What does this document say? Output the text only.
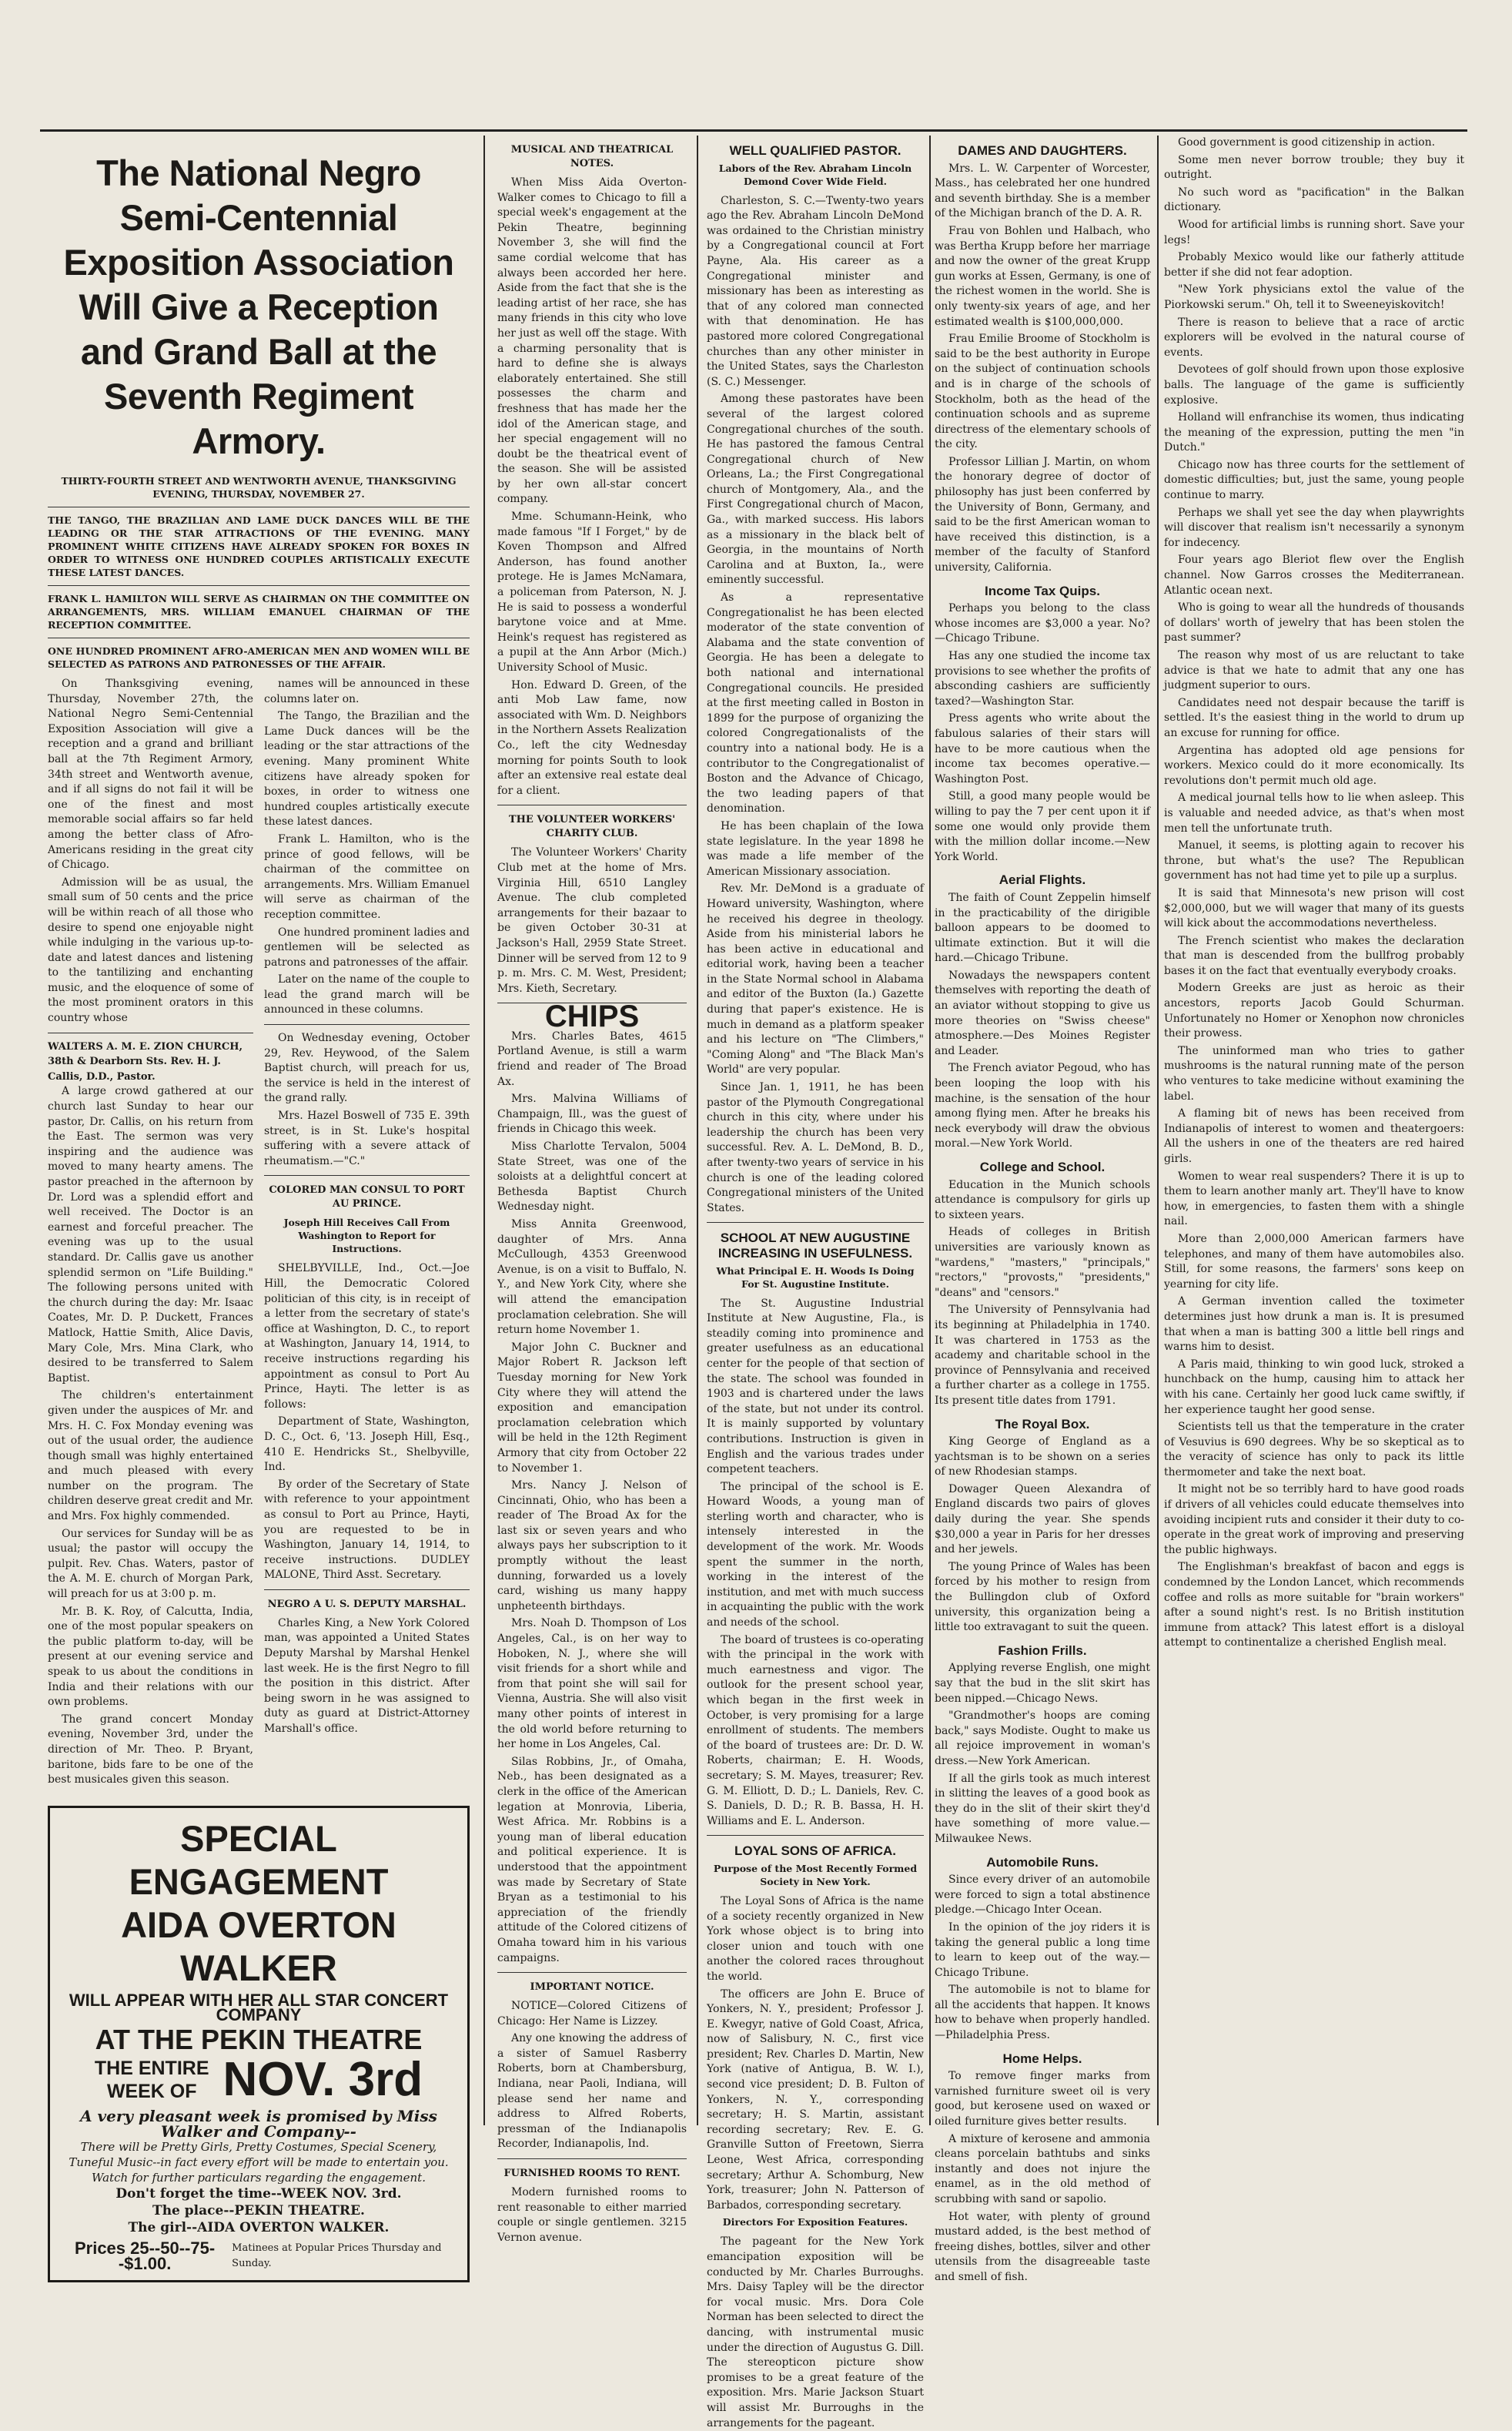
The National Negro Semi-Centennial Exposition Association Will Give a Reception and Grand Ball at the Seventh Regiment Armory.
THIRTY-FOURTH STREET AND WENTWORTH AVENUE, THANKSGIVING EVENING, THURSDAY, NOVEMBER 27.
THE TANGO, THE BRAZILIAN AND LAME DUCK DANCES WILL BE THE LEADING OR THE STAR ATTRACTIONS OF THE EVENING. MANY PROMINENT WHITE CITIZENS HAVE ALREADY SPOKEN FOR BOXES IN ORDER TO WITNESS ONE HUNDRED COUPLES ARTISTICALLY EXECUTE THESE LATEST DANCES.
FRANK L. HAMILTON WILL SERVE AS CHAIRMAN ON THE COMMITTEE ON ARRANGEMENTS, MRS. WILLIAM EMANUEL CHAIRMAN OF THE RECEPTION COMMITTEE.
ONE HUNDRED PROMINENT AFRO-AMERICAN MEN AND WOMEN WILL BE SELECTED AS PATRONS AND PATRONESSES OF THE AFFAIR.

On Thanksgiving evening, Thursday, November 27th, the National Negro Semi-Centennial Exposition Association will give a reception and a grand and brilliant ball at the 7th Regiment Armory, 34th street and Wentworth avenue, and if all signs do not fail it will be one of the finest and most memorable social affairs so far held among the better class of Afro-Americans residing in the great city of Chicago.

Admission will be as usual, the small sum of 50 cents and the price will be within reach of all those who desire to spend one enjoyable night while indulging in the various up-to-date and latest dances and listening to the tantilizing and enchanting music, and the eloquence of some of the most prominent orators in this country whose

WALTERS A. M. E. ZION CHURCH, 38th & Dearborn Sts. Rev. H. J. Callis, D.D., Pastor.

A large crowd gathered at our church last Sunday to hear our pastor, Dr. Callis, on his return from the East. The sermon was very inspiring and the audience was moved to many hearty amens. The pastor preached in the afternoon by Dr. Lord was a splendid effort and well received. The Doctor is an earnest and forceful preacher. The evening was up to the usual standard. Dr. Callis gave us another splendid sermon on "Life Building." The following persons united with the church during the day: Mr. Isaac Coates, Mr. D. P. Duckett, Frances Matlock, Hattie Smith, Alice Davis, Mary Cole, Mrs. Mina Clark, who desired to be transferred to Salem Baptist.

The children's entertainment given under the auspices of Mr. and Mrs. H. C. Fox Monday evening was out of the usual order, the audience though small was highly entertained and much pleased with every number on the program. The children deserve great credit and Mr. and Mrs. Fox highly commended.

Our services for Sunday will be as usual; the pastor will occupy the pulpit. Rev. Chas. Waters, pastor of the A. M. E. church of Morgan Park, will preach for us at 3:00 p. m.

Mr. B. K. Roy, of Calcutta, India, one of the most popular speakers on the public platform to-day, will be present at our evening service and speak to us about the conditions in India and their relations with our own problems.

The grand concert Monday evening, November 3rd, under the direction of Mr. Theo. P. Bryant, baritone, bids fare to be one of the best musicales given this season.

names will be announced in these columns later on.

The Tango, the Brazilian and the Lame Duck dances will be the leading or the star attractions of the evening. Many prominent White citizens have already spoken for boxes, in order to witness one hundred couples artistically execute these latest dances.

Frank L. Hamilton, who is the prince of good fellows, will be chairman of the committee on arrangements. Mrs. William Emanuel will serve as chairman of the reception committee.

One hundred prominent ladies and gentlemen will be selected as patrons and patronesses of the affair.

Later on the name of the couple to lead the grand march will be announced in these columns.

On Wednesday evening, October 29, Rev. Heywood, of the Salem Baptist church, will preach for us, the service is held in the interest of the grand rally.

Mrs. Hazel Boswell of 735 E. 39th street, is in St. Luke's hospital suffering with a severe attack of rheumatism.—"C."

COLORED MAN CONSUL TO PORT AU PRINCE.
Joseph Hill Receives Call From Washington to Report for Instructions.

SHELBYVILLE, Ind., Oct.—Joe Hill, the Democratic Colored politician of this city, is in receipt of a letter from the secretary of state's office at Washington, D. C., to report at Washington, January 14, 1914, to receive instructions regarding his appointment as consul to Port Au Prince, Hayti. The letter is as follows:

Department of State, Washington, D. C., Oct. 6, '13. Joseph Hill, Esq., 410 E. Hendricks St., Shelbyville, Ind.

By order of the Secretary of State with reference to your appointment as consul to Port au Prince, Hayti, you are requested to be in Washington, January 14, 1914, to receive instructions. DUDLEY MALONE, Third Asst. Secretary.

NEGRO A U. S. DEPUTY MARSHAL.

Charles King, a New York Colored man, was appointed a United States Deputy Marshal by Marshal Henkel last week. He is the first Negro to fill the position in this district. After being sworn in he was assigned to duty as guard at District-Attorney Marshall's office.

SPECIAL ENGAGEMENT
AIDA OVERTON WALKER
WILL APPEAR WITH HER ALL STAR CONCERT COMPANY
AT THE PEKIN THEATRE
THE ENTIRE
WEEK OF NOV. 3rd
A very pleasant week is promised by Miss Walker and Company--
There will be Pretty Girls, Pretty Costumes, Special Scenery, Tuneful Music--in fact every effort will be made to entertain you. Watch for further particulars regarding the engagement.
Don't forget the time--WEEK NOV. 3rd.
The place--PEKIN THEATRE.
The girl--AIDA OVERTON WALKER.
Prices 25--50--75--$1.00.
Matinees at Popular Prices Thursday and Sunday.
MUSICAL AND THEATRICAL NOTES.

When Miss Aida Overton-Walker comes to Chicago to fill a special week's engagement at the Pekin Theatre, beginning November 3, she will find the same cordial welcome that has always been accorded her here. Aside from the fact that she is the leading artist of her race, she has many friends in this city who love her just as well off the stage. With a charming personality that is hard to define she is always elaborately entertained. She still possesses the charm and freshness that has made her the idol of the American stage, and her special engagement will no doubt be the theatrical event of the season. She will be assisted by her own all-star concert company.

Mme. Schumann-Heink, who made famous "If I Forget," by de Koven Thompson and Alfred Anderson, has found another protege. He is James McNamara, a policeman from Paterson, N. J. He is said to possess a wonderful barytone voice and at Mme. Heink's request has registered as a pupil at the Ann Arbor (Mich.) University School of Music.

Hon. Edward D. Green, of the anti Mob Law fame, now associated with Wm. D. Neighbors in the Northern Assets Realization Co., left the city Wednesday morning for points South to look after an extensive real estate deal for a client.

THE VOLUNTEER WORKERS' CHARITY CLUB.

The Volunteer Workers' Charity Club met at the home of Mrs. Virginia Hill, 6510 Langley Avenue. The club completed arrangements for their bazaar to be given October 30-31 at Jackson's Hall, 2959 State Street. Dinner will be served from 12 to 9 p. m. Mrs. C. M. West, President; Mrs. Kieth, Secretary.

CHIPS

Mrs. Charles Bates, 4615 Portland Avenue, is still a warm friend and reader of The Broad Ax.

Mrs. Malvina Williams of Champaign, Ill., was the guest of friends in Chicago this week.

Miss Charlotte Tervalon, 5004 State Street, was one of the soloists at a delightful concert at Bethesda Baptist Church Wednesday night.

Miss Annita Greenwood, daughter of Mrs. Anna McCullough, 4353 Greenwood Avenue, is on a visit to Buffalo, N. Y., and New York City, where she will attend the emancipation proclamation celebration. She will return home November 1.

Major John C. Buckner and Major Robert R. Jackson left Tuesday morning for New York City where they will attend the exposition and emancipation proclamation celebration which will be held in the 12th Regiment Armory that city from October 22 to November 1.

Mrs. Nancy J. Nelson of Cincinnati, Ohio, who has been a reader of The Broad Ax for the last six or seven years and who always pays her subscription to it promptly without the least dunning, forwarded us a lovely card, wishing us many happy unpheteenth birthdays.

Mrs. Noah D. Thompson of Los Angeles, Cal., is on her way to Hoboken, N. J., where she will visit friends for a short while and from that point she will sail for Vienna, Austria. She will also visit many other points of interest in the old world before returning to her home in Los Angeles, Cal.

Silas Robbins, Jr., of Omaha, Neb., has been designated as a clerk in the office of the American legation at Monrovia, Liberia, West Africa. Mr. Robbins is a young man of liberal education and political experience. It is understood that the appointment was made by Secretary of State Bryan as a testimonial to his appreciation of the friendly attitude of the Colored citizens of Omaha toward him in his various campaigns.

IMPORTANT NOTICE.

NOTICE—Colored Citizens of Chicago: Her Name is Lizzey.

Any one knowing the address of a sister of Samuel Rasberry Roberts, born at Chambersburg, Indiana, near Paoli, Indiana, will please send her name and address to Alfred Roberts, pressman of the Indianapolis Recorder, Indianapolis, Ind.

FURNISHED ROOMS TO RENT.

Modern furnished rooms to rent reasonable to either married couple or single gentlemen. 3215 Vernon avenue.

WELL QUALIFIED PASTOR.
Labors of the Rev. Abraham Lincoln Demond Cover Wide Field.

Charleston, S. C.—Twenty-two years ago the Rev. Abraham Lincoln DeMond was ordained to the Christian ministry by a Congregational council at Fort Payne, Ala. His career as a Congregational minister and missionary has been as interesting as that of any colored man connected with that denomination. He has pastored more colored Congregational churches than any other minister in the United States, says the Charleston (S. C.) Messenger.

Among these pastorates have been several of the largest colored Congregational churches of the south. He has pastored the famous Central Congregational church of New Orleans, La.; the First Congregational church of Montgomery, Ala., and the First Congregational church of Macon, Ga., with marked success. His labors as a missionary in the black belt of Georgia, in the mountains of North Carolina and at Buxton, Ia., were eminently successful.

As a representative Congregationalist he has been elected moderator of the state convention of Alabama and the state convention of Georgia. He has been a delegate to both national and international Congregational councils. He presided at the first meeting called in Boston in 1899 for the purpose of organizing the colored Congregationalists of the country into a national body. He is a contributor to the Congregationalist of Boston and the Advance of Chicago, the two leading papers of that denomination.

He has been chaplain of the Iowa state legislature. In the year 1898 he was made a life member of the American Missionary association.

Rev. Mr. DeMond is a graduate of Howard university, Washington, where he received his degree in theology. Aside from his ministerial labors he has been active in educational and editorial work, having been a teacher in the State Normal school in Alabama and editor of the Buxton (Ia.) Gazette during that paper's existence. He is much in demand as a platform speaker and his lecture on "The Climbers," "Coming Along" and "The Black Man's World" are very popular.

Since Jan. 1, 1911, he has been pastor of the Plymouth Congregational church in this city, where under his leadership the church has been very successful. Rev. A. L. DeMond, B. D., after twenty-two years of service in his church is one of the leading colored Congregational ministers of the United States.

SCHOOL AT NEW AUGUSTINE INCREASING IN USEFULNESS.
What Principal E. H. Woods Is Doing For St. Augustine Institute.

The St. Augustine Industrial Institute at New Augustine, Fla., is steadily coming into prominence and greater usefulness as an educational center for the people of that section of the state. The school was founded in 1903 and is chartered under the laws of the state, but not under its control. It is mainly supported by voluntary contributions. Instruction is given in English and the various trades under competent teachers.

The principal of the school is E. Howard Woods, a young man of sterling worth and character, who is intensely interested in the development of the work. Mr. Woods spent the summer in the north, working in the interest of the institution, and met with much success in acquainting the public with the work and needs of the school.

The board of trustees is co-operating with the principal in the work with much earnestness and vigor. The outlook for the present school year, which began in the first week in October, is very promising for a large enrollment of students. The members of the board of trustees are: Dr. D. W. Roberts, chairman; E. H. Woods, secretary; S. M. Mayes, treasurer; Rev. G. M. Elliott, D. D.; L. Daniels, Rev. C. S. Daniels, D. D.; R. B. Bassa, H. H. Williams and E. L. Anderson.

LOYAL SONS OF AFRICA.
Purpose of the Most Recently Formed Society in New York.

The Loyal Sons of Africa is the name of a society recently organized in New York whose object is to bring into closer union and touch with one another the colored races throughout the world.

The officers are John E. Bruce of Yonkers, N. Y., president; Professor J. E. Kwegyr, native of Gold Coast, Africa, now of Salisbury, N. C., first vice president; Rev. Charles D. Martin, New York (native of Antigua, B. W. I.), second vice president; D. B. Fulton of Yonkers, N. Y., corresponding secretary; H. S. Martin, assistant recording secretary; Rev. E. G. Granville Sutton of Freetown, Sierra Leone, West Africa, corresponding secretary; Arthur A. Schomburg, New York, treasurer; John N. Patterson of Barbados, corresponding secretary.

Directors For Exposition Features.

The pageant for the New York emancipation exposition will be conducted by Mr. Charles Burroughs. Mrs. Daisy Tapley will be the director for vocal music. Mrs. Dora Cole Norman has been selected to direct the dancing, with instrumental music under the direction of Augustus G. Dill. The stereopticon picture show promises to be a great feature of the exposition. Mrs. Marie Jackson Stuart will assist Mr. Burroughs in the arrangements for the pageant.

DAMES AND DAUGHTERS.

Mrs. L. W. Carpenter of Worcester, Mass., has celebrated her one hundred and seventh birthday. She is a member of the Michigan branch of the D. A. R.

Frau von Bohlen und Halbach, who was Bertha Krupp before her marriage and now the owner of the great Krupp gun works at Essen, Germany, is one of the richest women in the world. She is only twenty-six years of age, and her estimated wealth is $100,000,000.

Frau Emilie Broome of Stockholm is said to be the best authority in Europe on the subject of continuation schools and is in charge of the schools of Stockholm, both as the head of the continuation schools and as supreme directress of the elementary schools of the city.

Professor Lillian J. Martin, on whom the honorary degree of doctor of philosophy has just been conferred by the University of Bonn, Germany, and said to be the first American woman to have received this distinction, is a member of the faculty of Stanford university, California.

Income Tax Quips.

Perhaps you belong to the class whose incomes are $3,000 a year. No?—Chicago Tribune.

Has any one studied the income tax provisions to see whether the profits of absconding cashiers are sufficiently taxed?—Washington Star.

Press agents who write about the fabulous salaries of their stars will have to be more cautious when the income tax becomes operative.—Washington Post.

Still, a good many people would be willing to pay the 7 per cent upon it if some one would only provide them with the million dollar income.—New York World.

Aerial Flights.

The faith of Count Zeppelin himself in the practicability of the dirigible balloon appears to be doomed to ultimate extinction. But it will die hard.—Chicago Tribune.

Nowadays the newspapers content themselves with reporting the death of an aviator without stopping to give us more theories on "Swiss cheese" atmosphere.—Des Moines Register and Leader.

The French aviator Pegoud, who has been looping the loop with his machine, is the sensation of the hour among flying men. After he breaks his neck everybody will draw the obvious moral.—New York World.

College and School.

Education in the Munich schools attendance is compulsory for girls up to sixteen years.

Heads of colleges in British universities are variously known as "wardens," "masters," "principals," "rectors," "provosts," "presidents," "deans" and "censors."

The University of Pennsylvania had its beginning at Philadelphia in 1740. It was chartered in 1753 as the academy and charitable school in the province of Pennsylvania and received a further charter as a college in 1755. Its present title dates from 1791.

The Royal Box.

King George of England as a yachtsman is to be shown on a series of new Rhodesian stamps.

Dowager Queen Alexandra of England discards two pairs of gloves daily during the year. She spends $30,000 a year in Paris for her dresses and her jewels.

The young Prince of Wales has been forced by his mother to resign from the Bullingdon club of Oxford university, this organization being a little too extravagant to suit the queen.

Fashion Frills.

Applying reverse English, one might say that the bud in the slit skirt has been nipped.—Chicago News.

"Grandmother's hoops are coming back," says Modiste. Ought to make us all rejoice improvement in woman's dress.—New York American.

If all the girls took as much interest in slitting the leaves of a good book as they do in the slit of their skirt they'd have something of more value.—Milwaukee News.

Automobile Runs.

Since every driver of an automobile were forced to sign a total abstinence pledge.—Chicago Inter Ocean.

In the opinion of the joy riders it is taking the general public a long time to learn to keep out of the way.—Chicago Tribune.

The automobile is not to blame for all the accidents that happen. It knows how to behave when properly handled.—Philadelphia Press.

Home Helps.

To remove finger marks from varnished furniture sweet oil is very good, but kerosene used on waxed or oiled furniture gives better results.

A mixture of kerosene and ammonia cleans porcelain bathtubs and sinks instantly and does not injure the enamel, as in the old method of scrubbing with sand or sapolio.

Hot water, with plenty of ground mustard added, is the best method of freeing dishes, bottles, silver and other utensils from the disagreeable taste and smell of fish.

Good government is good citizenship in action.

Some men never borrow trouble; they buy it outright.

No such word as "pacification" in the Balkan dictionary.

Wood for artificial limbs is running short. Save your legs!

Probably Mexico would like our fatherly attitude better if she did not fear adoption.

"New York physicians extol the value of the Piorkowski serum." Oh, tell it to Sweeneyiskovitch!

There is reason to believe that a race of arctic explorers will be evolved in the natural course of events.

Devotees of golf should frown upon those explosive balls. The language of the game is sufficiently explosive.

Holland will enfranchise its women, thus indicating the meaning of the expression, putting the men "in Dutch."

Chicago now has three courts for the settlement of domestic difficulties; but, just the same, young people continue to marry.

Perhaps we shall yet see the day when playwrights will discover that realism isn't necessarily a synonym for indecency.

Four years ago Bleriot flew over the English channel. Now Garros crosses the Mediterranean. Atlantic ocean next.

Who is going to wear all the hundreds of thousands of dollars' worth of jewelry that has been stolen the past summer?

The reason why most of us are reluctant to take advice is that we hate to admit that any one has judgment superior to ours.

Candidates need not despair because the tariff is settled. It's the easiest thing in the world to drum up an excuse for running for office.

Argentina has adopted old age pensions for workers. Mexico could do it more economically. Its revolutions don't permit much old age.

A medical journal tells how to lie when asleep. This is valuable and needed advice, as that's when most men tell the unfortunate truth.

Manuel, it seems, is plotting again to recover his throne, but what's the use? The Republican government has not had time yet to pile up a surplus.

It is said that Minnesota's new prison will cost $2,000,000, but we will wager that many of its guests will kick about the accommodations nevertheless.

The French scientist who makes the declaration that man is descended from the bullfrog probably bases it on the fact that eventually everybody croaks.

Modern Greeks are just as heroic as their ancestors, reports Jacob Gould Schurman. Unfortunately no Homer or Xenophon now chronicles their prowess.

The uninformed man who tries to gather mushrooms is the natural running mate of the person who ventures to take medicine without examining the label.

A flaming bit of news has been received from Indianapolis of interest to women and theatergoers: All the ushers in one of the theaters are red haired girls.

Women to wear real suspenders? There it is up to them to learn another manly art. They'll have to know how, in emergencies, to fasten them with a shingle nail.

More than 2,000,000 American farmers have telephones, and many of them have automobiles also. Still, for some reasons, the farmers' sons keep on yearning for city life.

A German invention called the toximeter determines just how drunk a man is. It is presumed that when a man is batting 300 a little bell rings and warns him to desist.

A Paris maid, thinking to win good luck, stroked a hunchback on the hump, causing him to attack her with his cane. Certainly her good luck came swiftly, if her experience taught her good sense.

Scientists tell us that the temperature in the crater of Vesuvius is 690 degrees. Why be so skeptical as to the veracity of science has only to pack its little thermometer and take the next boat.

It might not be so terribly hard to have good roads if drivers of all vehicles could educate themselves into avoiding incipient ruts and consider it their duty to co-operate in the great work of improving and preserving the public highways.

The Englishman's breakfast of bacon and eggs is condemned by the London Lancet, which recommends coffee and rolls as more suitable for "brain workers" after a sound night's rest. Is no British institution immune from attack? This latest effort is a disloyal attempt to continentalize a cherished English meal.
